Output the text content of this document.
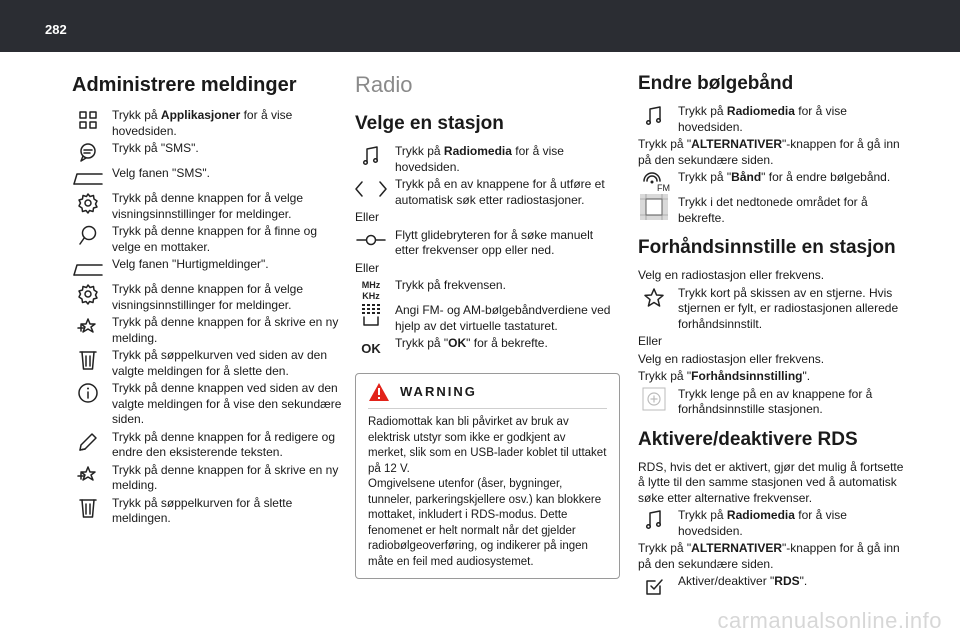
282
Administrere meldinger
Trykk på Applikasjoner for å vise hovedsiden.
Trykk på "SMS".
Velg fanen "SMS".
Trykk på denne knappen for å velge visningsinnstillinger for meldinger.
Trykk på denne knappen for å finne og velge en mottaker.
Velg fanen "Hurtigmeldinger".
Trykk på denne knappen for å velge visningsinnstillinger for meldinger.
Trykk på denne knappen for å skrive en ny melding.
Trykk på søppelkurven ved siden av den valgte meldingen for å slette den.
Trykk på denne knappen ved siden av den valgte meldingen for å vise den sekundære siden.
Trykk på denne knappen for å redigere og endre den eksisterende teksten.
Trykk på denne knappen for å skrive en ny melding.
Trykk på søppelkurven for å slette meldingen.
Radio
Velge en stasjon
Trykk på Radiomedia for å vise hovedsiden.
Trykk på en av knappene for å utføre et automatisk søk etter radiostasjoner.
Eller
Flytt glidebryteren for å søke manuelt etter frekvenser opp eller ned.
Eller
MHz
KHz
Trykk på frekvensen.
Angi FM- og AM-bølgebåndverdiene ved hjelp av det virtuelle tastaturet.
OK	Trykk på "OK" for å bekrefte.
WARNING
Radiomottak kan bli påvirket av bruk av elektrisk utstyr som ikke er godkjent av merket, slik som en USB-lader koblet til uttaket på 12 V.
Omgivelsene utenfor (åser, bygninger, tunneler, parkeringskjellere osv.) kan blokkere mottaket, inkludert i RDS-modus. Dette fenomenet er helt normalt når det gjelder radiobølgeoverføring, og indikerer på ingen måte en feil med audiosystemet.
Endre bølgebånd
Trykk på Radiomedia for å vise hovedsiden.
Trykk på "ALTERNATIVER"-knappen for å gå inn på den sekundære siden.
FM
Trykk på "Bånd" for å endre bølgebånd.
Trykk i det nedtonede området for å bekrefte.
Forhåndsinnstille en stasjon
Velg en radiostasjon eller frekvens.
Trykk kort på skissen av en stjerne. Hvis stjernen er fylt, er radiostasjonen allerede forhåndsinnstilt.
Eller
Velg en radiostasjon eller frekvens.
Trykk på "Forhåndsinnstilling".
Trykk lenge på en av knappene for å forhåndsinnstille stasjonen.
Aktivere/deaktivere RDS
RDS, hvis det er aktivert, gjør det mulig å fortsette å lytte til den samme stasjonen ved å automatisk søke etter alternative frekvenser.
Trykk på Radiomedia for å vise hovedsiden.
Trykk på "ALTERNATIVER"-knappen for å gå inn på den sekundære siden.
Aktiver/deaktiver "RDS".
carmanualsonline.info
